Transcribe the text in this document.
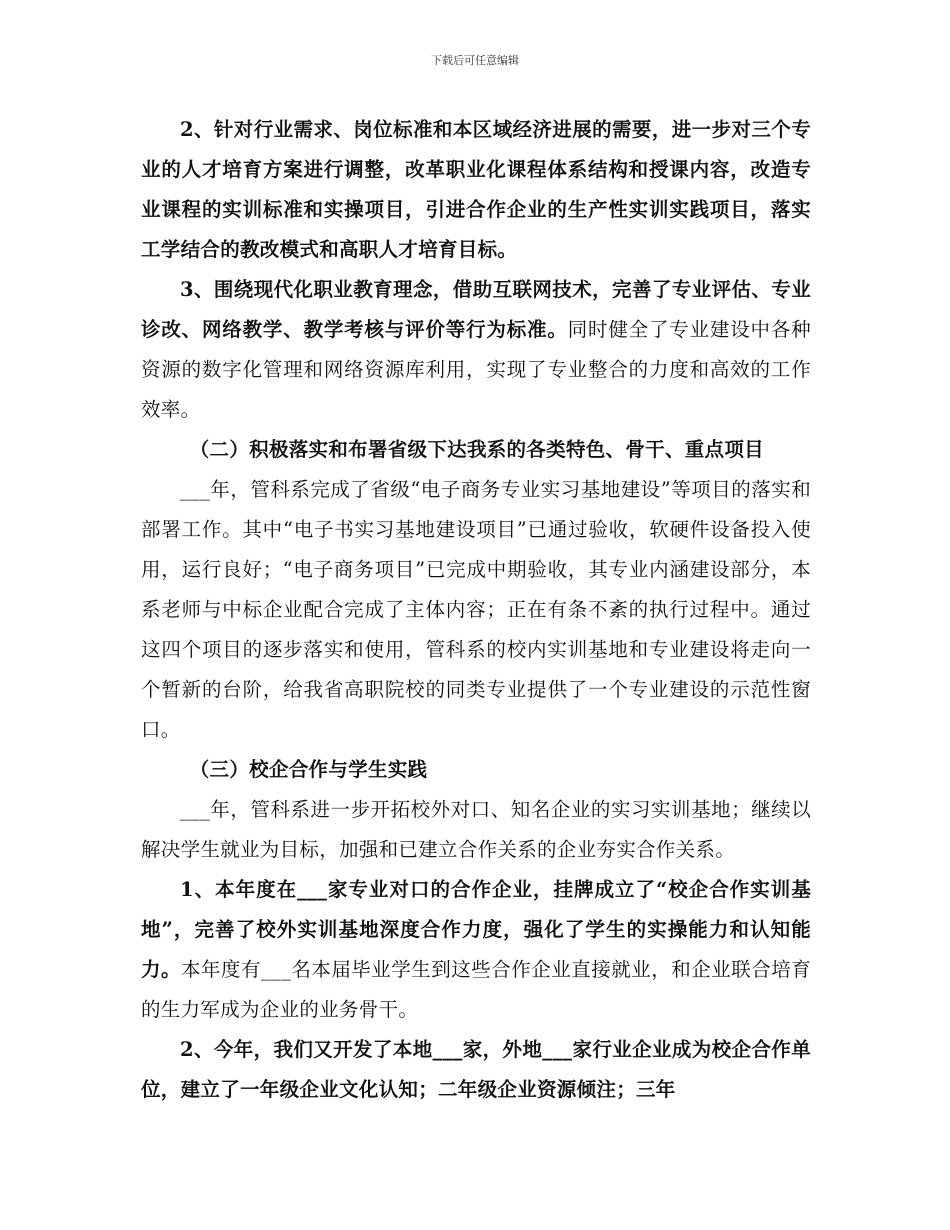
下载后可任意编辑

2、针对行业需求、岗位标准和本区域经济进展的需要，进一步对三个专业的人才培育方案进行调整，改革职业化课程体系结构和授课内容，改造专业课程的实训标准和实操项目，引进合作企业的生产性实训实践项目，落实工学结合的教改模式和高职人才培育目标。

3、围绕现代化职业教育理念，借助互联网技术，完善了专业评估、专业诊改、网络教学、教学考核与评价等行为标准。同时健全了专业建设中各种资源的数字化管理和网络资源库利用，实现了专业整合的力度和高效的工作效率。

（二）积极落实和布署省级下达我系的各类特色、骨干、重点项目

___年，管科系完成了省级“电子商务专业实习基地建设”等项目的落实和部署工作。其中“电子书实习基地建设项目”已通过验收，软硬件设备投入使用，运行良好；“电子商务项目”已完成中期验收，其专业内涵建设部分，本系老师与中标企业配合完成了主体内容；正在有条不紊的执行过程中。通过这四个项目的逐步落实和使用，管科系的校内实训基地和专业建设将走向一个暂新的台阶，给我省高职院校的同类专业提供了一个专业建设的示范性窗口。

（三）校企合作与学生实践

___年，管科系进一步开拓校外对口、知名企业的实习实训基地；继续以解决学生就业为目标，加强和已建立合作关系的企业夯实合作关系。

1、本年度在___家专业对口的合作企业，挂牌成立了“校企合作实训基地”，完善了校外实训基地深度合作力度，强化了学生的实操能力和认知能力。本年度有___名本届毕业学生到这些合作企业直接就业，和企业联合培育的生力军成为企业的业务骨干。

2、今年，我们又开发了本地___家，外地___家行业企业成为校企合作单位，建立了一年级企业文化认知；二年级企业资源倾注；三年
